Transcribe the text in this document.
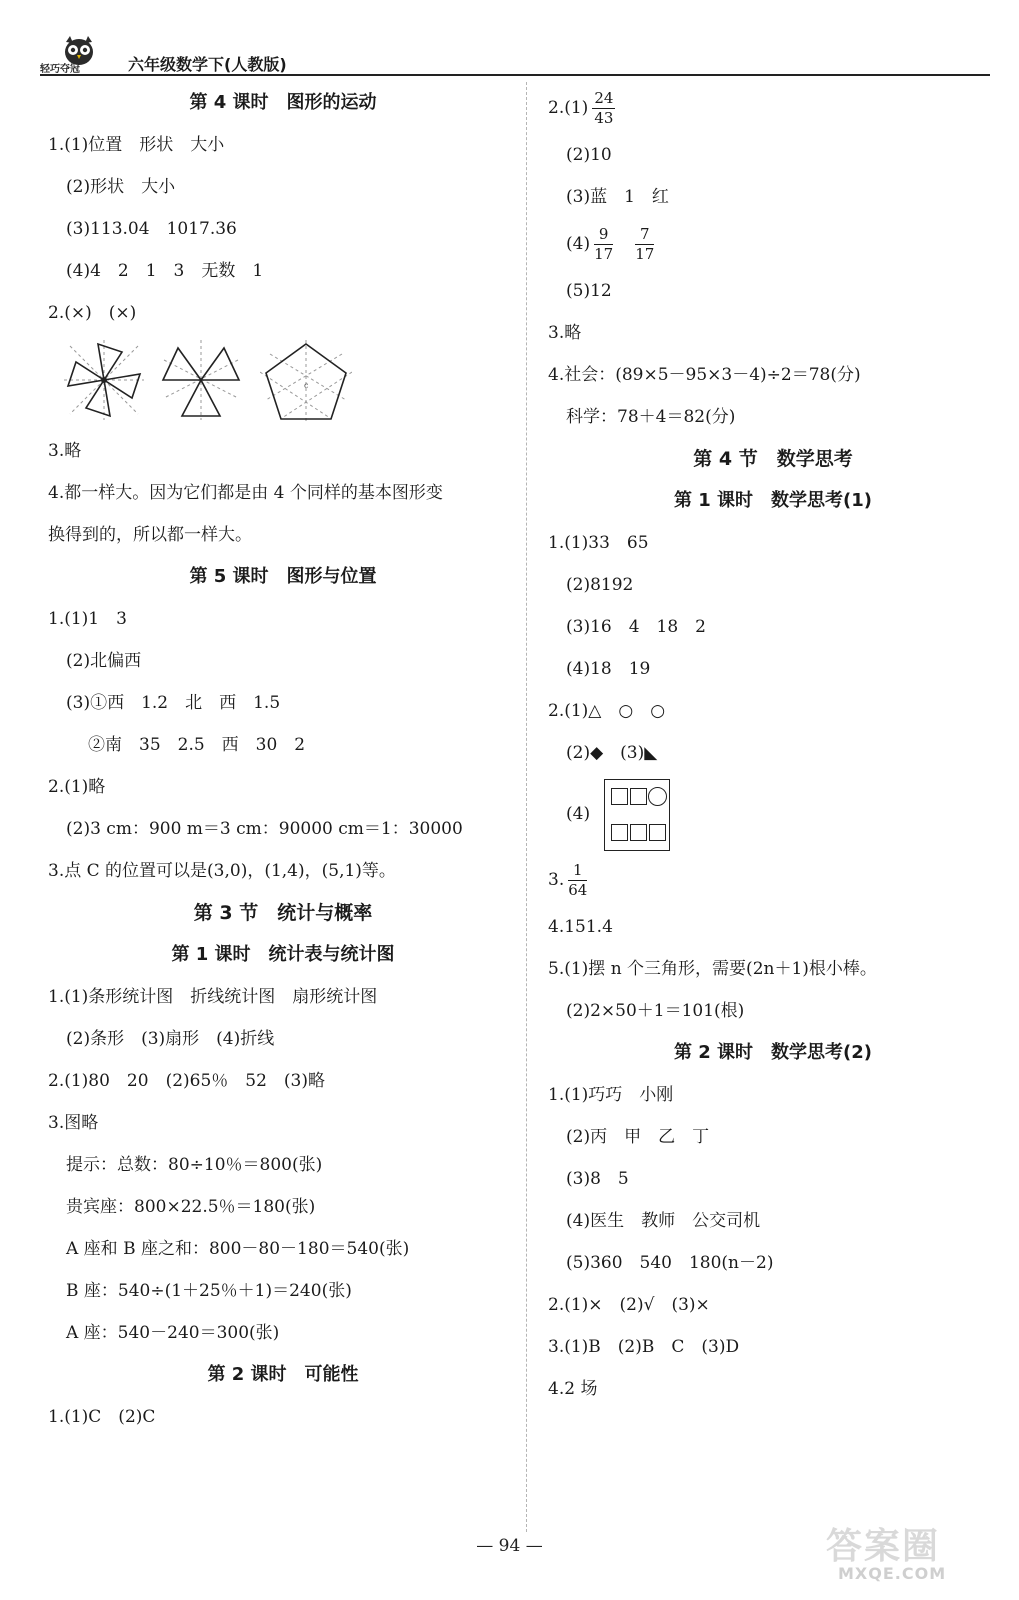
轻巧夺冠	六年级数学下(人教版)
第 4 课时　图形的运动
1.(1)位置　形状　大小
(2)形状　大小
(3)113.04　1017.36
(4)4　2　1　3　无数　1
2.(×)　(×)
c
3.略
4.都一样大。因为它们都是由 4 个同样的基本图形变
换得到的，所以都一样大。
第 5 课时　图形与位置
1.(1)1　3
(2)北偏西
(3)①西　1.2　北　西　1.5
②南　35　2.5　西　30　2
2.(1)略
(2)3 cm：900 m＝3 cm：90000 cm＝1：30000
3.点 C 的位置可以是(3,0)，(1,4)，(5,1)等。
第 3 节　统计与概率
第 1 课时　统计表与统计图
1.(1)条形统计图　折线统计图　扇形统计图
(2)条形　(3)扇形　(4)折线
2.(1)80　20　(2)65％　52　(3)略
3.图略
提示：总数：80÷10％＝800(张)
贵宾座：800×22.5％＝180(张)
A 座和 B 座之和：800－80－180＝540(张)
B 座：540÷(1＋25％＋1)＝240(张)
A 座：540－240＝300(张)
第 2 课时　可能性
1.(1)C　(2)C
$2.(1) \frac{24}{43}$
(2)10
(3)蓝　1　红
$(4) \frac{9}{17} \frac{7}{17}$
(5)12
3.略
4.社会：(89×5－95×3－4)÷2＝78(分)
科学：78＋4＝82(分)
第 4 节　数学思考
第 1 课时　数学思考(1)
1.(1)33　65
(2)8192
(3)16　4　18　2
(4)18　19
2.(1)△　○　○
(2)◆　(3)◣
(4)
3. $\frac{1}{64}$
4.151.4
5.(1)摆 n 个三角形，需要(2n＋1)根小棒。
(2)2×50＋1＝101(根)
第 2 课时　数学思考(2)
1.(1)巧巧　小刚
(2)丙　甲　乙　丁
(3)8　5
(4)医生　教师　公交司机
(5)360　540　180(n－2)
2.(1)×　(2)√　(3)×
3.(1)B　(2)B　C　(3)D
4.2 场
— 94 —	答案圈
MXQE.COM
